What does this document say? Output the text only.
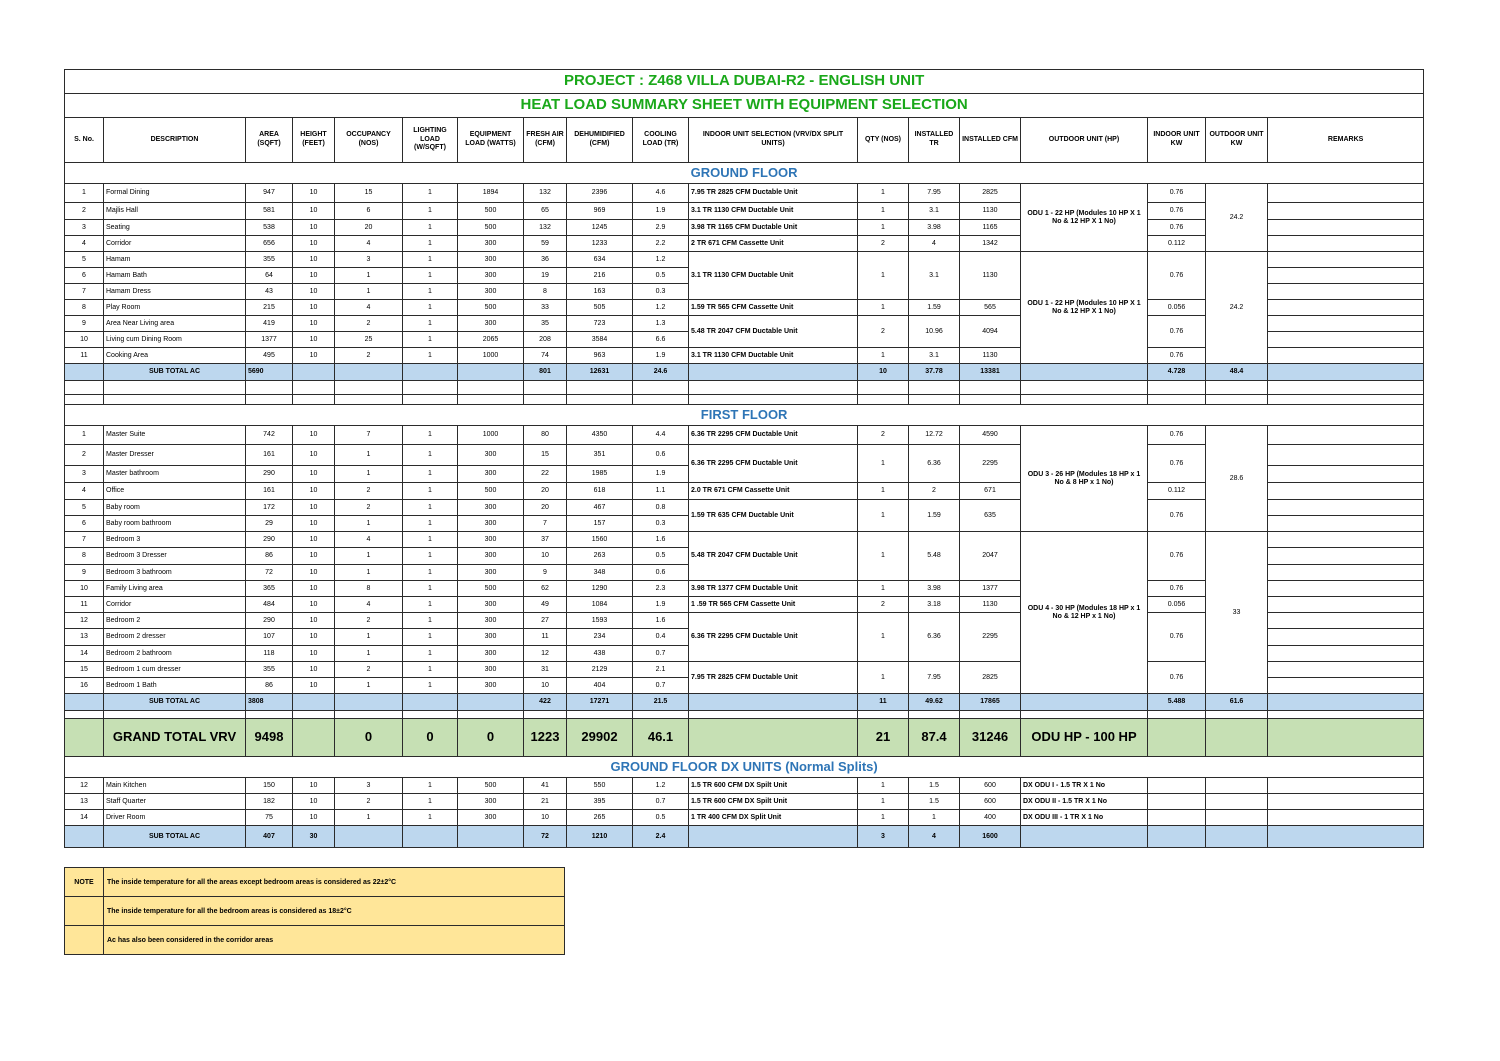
PROJECT : Z468 VILLA DUBAI-R2 - ENGLISH UNIT																	
HEAT LOAD SUMMARY SHEET WITH EQUIPMENT SELECTION																	
S. No.	DESCRIPTION	AREA (SQFT)	HEIGHT (FEET)	OCCUPANCY (NOS)	LIGHTING LOAD (W/SQFT)	EQUIPMENT LOAD (WATTS)	FRESH AIR (CFM)	DEHUMIDIFIED (CFM)	COOLING LOAD (TR)	INDOOR UNIT SELECTION (VRV/DX SPLIT UNITS)	QTY (NOS)	INSTALLED TR	INSTALLED CFM	OUTDOOR UNIT (HP)	INDOOR UNIT KW	OUTDOOR UNIT KW	REMARKS
GROUND FLOOR																	
1	Formal Dining	947	10	15	1	1894	132	2396	4.6	7.95 TR 2825 CFM Ductable Unit	1	7.95	2825	ODU 1 - 22 HP (Modules 10 HP X 1 No & 12 HP X 1 No)	0.76	24.2	
2	Majlis Hall	581	10	6	1	500	65	969	1.9	3.1 TR 1130 CFM Ductable Unit	1	3.1	1130		0.76		
3	Seating	538	10	20	1	500	132	1245	2.9	3.98 TR 1165 CFM Ductable Unit	1	3.98	1165		0.76		
4	Corridor	656	10	4	1	300	59	1233	2.2	2 TR 671 CFM Cassette Unit	2	4	1342		0.112		
5	Hamam	355	10	3	1	300	36	634	1.2	3.1 TR 1130 CFM Ductable Unit	1	3.1	1130	ODU 1 - 22 HP (Modules 10 HP X 1 No & 12 HP X 1 No)	0.76	24.2	
6	Hamam Bath	64	10	1	1	300	19	216	0.5								
7	Hamam Dress	43	10	1	1	300	8	163	0.3								
8	Play Room	215	10	4	1	500	33	505	1.2	1.59 TR 565 CFM Cassette Unit	1	1.59	565		0.056		
9	Area Near Living area	419	10	2	1	300	35	723	1.3	5.48 TR 2047 CFM Ductable Unit	2	10.96	4094		0.76		
10	Living cum Dining Room	1377	10	25	1	2065	208	3584	6.6								
11	Cooking Area	495	10	2	1	1000	74	963	1.9	3.1 TR 1130 CFM Ductable Unit	1	3.1	1130		0.76		
	SUB TOTAL AC	5690					801	12631	24.6		10	37.78	13381		4.728	48.4	

FIRST FLOOR																	
1	Master Suite	742	10	7	1	1000	80	4350	4.4	6.36 TR 2295 CFM Ductable Unit	2	12.72	4590	ODU 3 - 26 HP (Modules 18 HP x 1 No & 8 HP x 1 No)	0.76	28.6	
2	Master Dresser	161	10	1	1	300	15	351	0.6	6.36 TR 2295 CFM Ductable Unit	1	6.36	2295		0.76		
3	Master bathroom	290	10	1	1	300	22	1985	1.9								
4	Office	161	10	2	1	500	20	618	1.1	2.0 TR 671 CFM Cassette Unit	1	2	671		0.112		
5	Baby room	172	10	2	1	300	20	467	0.8	1.59 TR 635 CFM Ductable Unit	1	1.59	635		0.76		
6	Baby room bathroom	29	10	1	1	300	7	157	0.3								
7	Bedroom 3	290	10	4	1	300	37	1560	1.6	5.48 TR 2047 CFM Ductable Unit	1	5.48	2047	ODU 4 - 30 HP (Modules 18 HP x 1 No & 12 HP x 1 No)	0.76	33	
8	Bedroom 3 Dresser	86	10	1	1	300	10	263	0.5								
9	Bedroom 3 bathroom	72	10	1	1	300	9	348	0.6								
10	Family Living area	365	10	8	1	500	62	1290	2.3	3.98 TR 1377 CFM Ductable Unit	1	3.98	1377		0.76		
11	Corridor	484	10	4	1	300	49	1084	1.9	1 .59 TR 565 CFM Cassette Unit	2	3.18	1130		0.056		
12	Bedroom 2	290	10	2	1	300	27	1593	1.6	6.36 TR 2295 CFM Ductable Unit	1	6.36	2295		0.76		
13	Bedroom 2 dresser	107	10	1	1	300	11	234	0.4								
14	Bedroom 2 bathroom	118	10	1	1	300	12	438	0.7								
15	Bedroom 1 cum dresser	355	10	2	1	300	31	2129	2.1	7.95 TR 2825 CFM Ductable Unit	1	7.95	2825		0.76		
16	Bedroom 1 Bath	86	10	1	1	300	10	404	0.7								
	SUB TOTAL AC	3808					422	17271	21.5		11	49.62	17865		5.488	61.6	

	GRAND TOTAL VRV	9498		0	0	0	1223	29902	46.1		21	87.4	31246	ODU HP - 100 HP			
GROUND FLOOR DX UNITS (Normal Splits)																	
12	Main Kitchen	150	10	3	1	500	41	550	1.2	1.5 TR 600 CFM DX Spilt Unit	1	1.5	600	DX ODU I - 1.5 TR X 1 No			
13	Staff Quarter	182	10	2	1	300	21	395	0.7	1.5 TR 600 CFM DX Spilt Unit	1	1.5	600	DX ODU II - 1.5 TR X 1 No			
14	Driver Room	75	10	1	1	300	10	265	0.5	1 TR 400 CFM DX Split Unit	1	1	400	DX ODU III - 1 TR X 1 No			
	SUB TOTAL AC	407	30				72	1210	2.4		3	4	1600				
NOTE	The inside temperature for all the areas except bedroom areas is considered as 22±2°C
	The inside temperature for all the bedroom areas is considered as 18±2°C
	Ac has also been considered in the corridor areas
